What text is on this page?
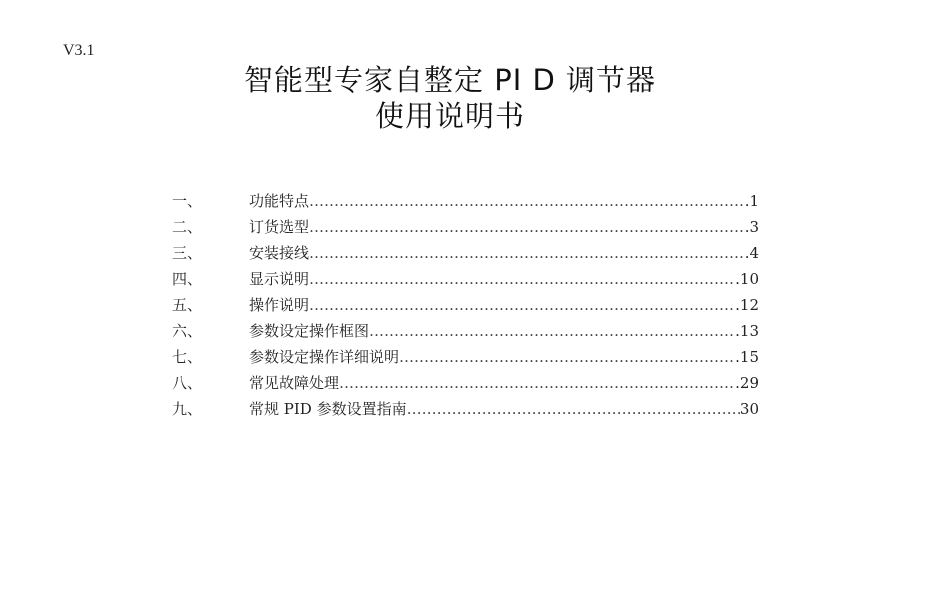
V3.1
智能型专家自整定 PI D 调节器
使用说明书
一、	功能特点 …………………………………………………………………………………………………………………………………………………………………	.1
二、	订货选型 …………………………………………………………………………………………………………………………………………………………………	.3
三、	安装接线 …………………………………………………………………………………………………………………………………………………………………	.4
四、	显示说明 …………………………………………………………………………………………………………………………………………………………………	.10
五、	操作说明 …………………………………………………………………………………………………………………………………………………………………	.12
六、	参数设定操作框图 …………………………………………………………………………………………………………………………………………………………………	.13
七、	参数设定操作详细说明 …………………………………………………………………………………………………………………………………………………………………	.15
八、	常见故障处理 …………………………………………………………………………………………………………………………………………………………………	.29
九、	常规 PID 参数设置指南 …………………………………………………………………………………………………………………………………………………………………	30
